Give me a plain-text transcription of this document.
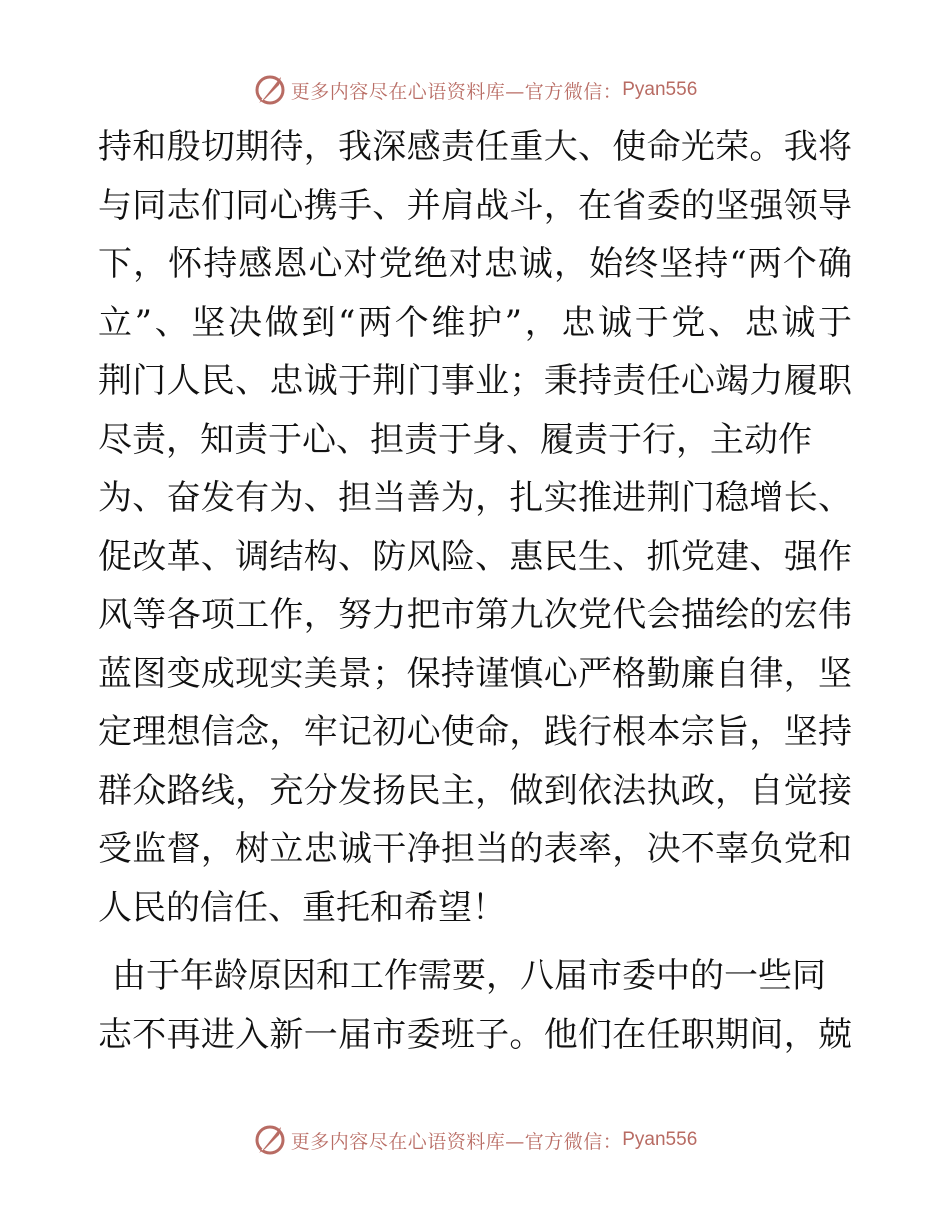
更多内容尽在心语资料库—官方微信： Pyan556
持和殷切期待，我深感责任重大、使命光荣。我将
与同志们同心携手、并肩战斗，在省委的坚强领导
下，怀持感恩心对党绝对忠诚，始终坚持“两个确
立”、坚决做到“两个维护”，忠诚于党、忠诚于
荆门人民、忠诚于荆门事业；秉持责任心竭力履职
尽责，知责于心、担责于身、履责于行，主动作
为、奋发有为、担当善为，扎实推进荆门稳增长、
促改革、调结构、防风险、惠民生、抓党建、强作
风等各项工作，努力把市第九次党代会描绘的宏伟
蓝图变成现实美景；保持谨慎心严格勤廉自律，坚
定理想信念，牢记初心使命，践行根本宗旨，坚持
群众路线，充分发扬民主，做到依法执政，自觉接
受监督，树立忠诚干净担当的表率，决不辜负党和
人民的信任、重托和希望！
由于年龄原因和工作需要，八届市委中的一些同
志不再进入新一届市委班子。他们在任职期间，兢
更多内容尽在心语资料库—官方微信： Pyan556
